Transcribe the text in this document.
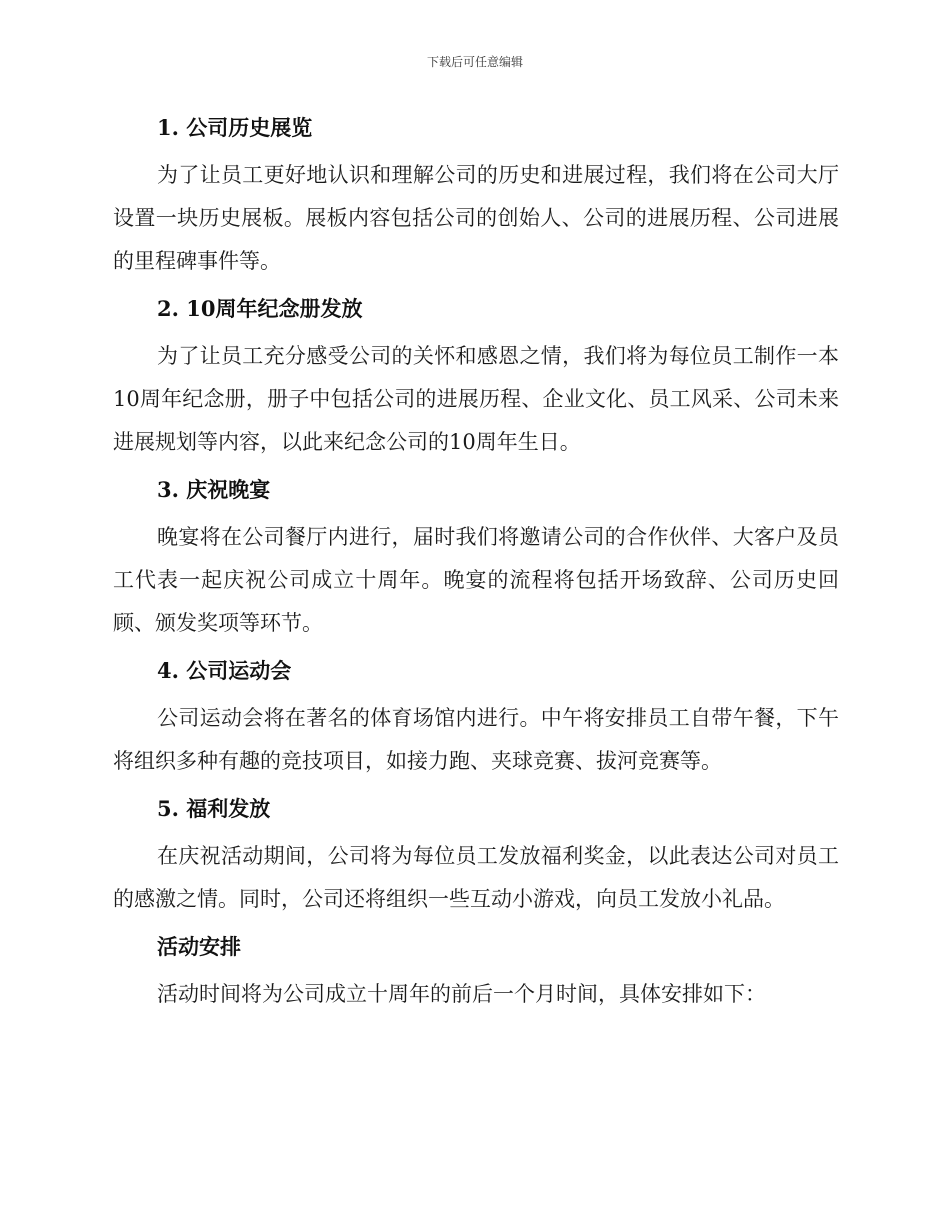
下载后可任意编辑
1. 公司历史展览

为了让员工更好地认识和理解公司的历史和进展过程，我们将在公司大厅设置一块历史展板。展板内容包括公司的创始人、公司的进展历程、公司进展的里程碑事件等。

2. 10周年纪念册发放

为了让员工充分感受公司的关怀和感恩之情，我们将为每位员工制作一本10周年纪念册，册子中包括公司的进展历程、企业文化、员工风采、公司未来进展规划等内容，以此来纪念公司的10周年生日。

3. 庆祝晚宴

晚宴将在公司餐厅内进行，届时我们将邀请公司的合作伙伴、大客户及员工代表一起庆祝公司成立十周年。晚宴的流程将包括开场致辞、公司历史回顾、颁发奖项等环节。

4. 公司运动会

公司运动会将在著名的体育场馆内进行。中午将安排员工自带午餐，下午将组织多种有趣的竞技项目，如接力跑、夹球竞赛、拔河竞赛等。

5. 福利发放

在庆祝活动期间，公司将为每位员工发放福利奖金，以此表达公司对员工的感激之情。同时，公司还将组织一些互动小游戏，向员工发放小礼品。

活动安排

活动时间将为公司成立十周年的前后一个月时间，具体安排如下：
